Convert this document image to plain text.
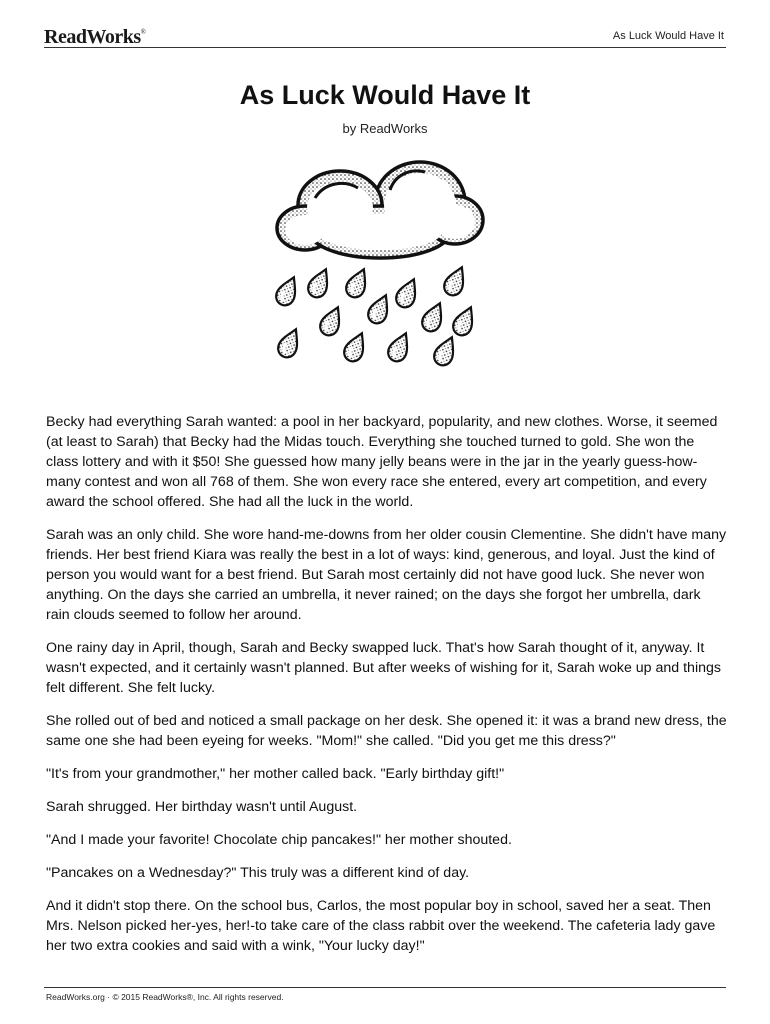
ReadWorks®	As Luck Would Have It
As Luck Would Have It
by ReadWorks

Becky had everything Sarah wanted: a pool in her backyard, popularity, and new clothes. Worse, it seemed (at least to Sarah) that Becky had the Midas touch. Everything she touched turned to gold. She won the class lottery and with it $50! She guessed how many jelly beans were in the jar in the yearly guess-how-many contest and won all 768 of them. She won every race she entered, every art competition, and every award the school offered. She had all the luck in the world.

Sarah was an only child. She wore hand-me-downs from her older cousin Clementine. She didn't have many friends. Her best friend Kiara was really the best in a lot of ways: kind, generous, and loyal. Just the kind of person you would want for a best friend. But Sarah most certainly did not have good luck. She never won anything. On the days she carried an umbrella, it never rained; on the days she forgot her umbrella, dark rain clouds seemed to follow her around.

One rainy day in April, though, Sarah and Becky swapped luck. That's how Sarah thought of it, anyway. It wasn't expected, and it certainly wasn't planned. But after weeks of wishing for it, Sarah woke up and things felt different. She felt lucky.

She rolled out of bed and noticed a small package on her desk. She opened it: it was a brand new dress, the same one she had been eyeing for weeks. "Mom!" she called. "Did you get me this dress?"

"It's from your grandmother," her mother called back. "Early birthday gift!"

Sarah shrugged. Her birthday wasn't until August.

"And I made your favorite! Chocolate chip pancakes!" her mother shouted.

"Pancakes on a Wednesday?" This truly was a different kind of day.

And it didn't stop there. On the school bus, Carlos, the most popular boy in school, saved her a seat. Then Mrs. Nelson picked her-yes, her!-to take care of the class rabbit over the weekend. The cafeteria lady gave her two extra cookies and said with a wink, "Your lucky day!"

ReadWorks.org · © 2015 ReadWorks®, Inc. All rights reserved.
